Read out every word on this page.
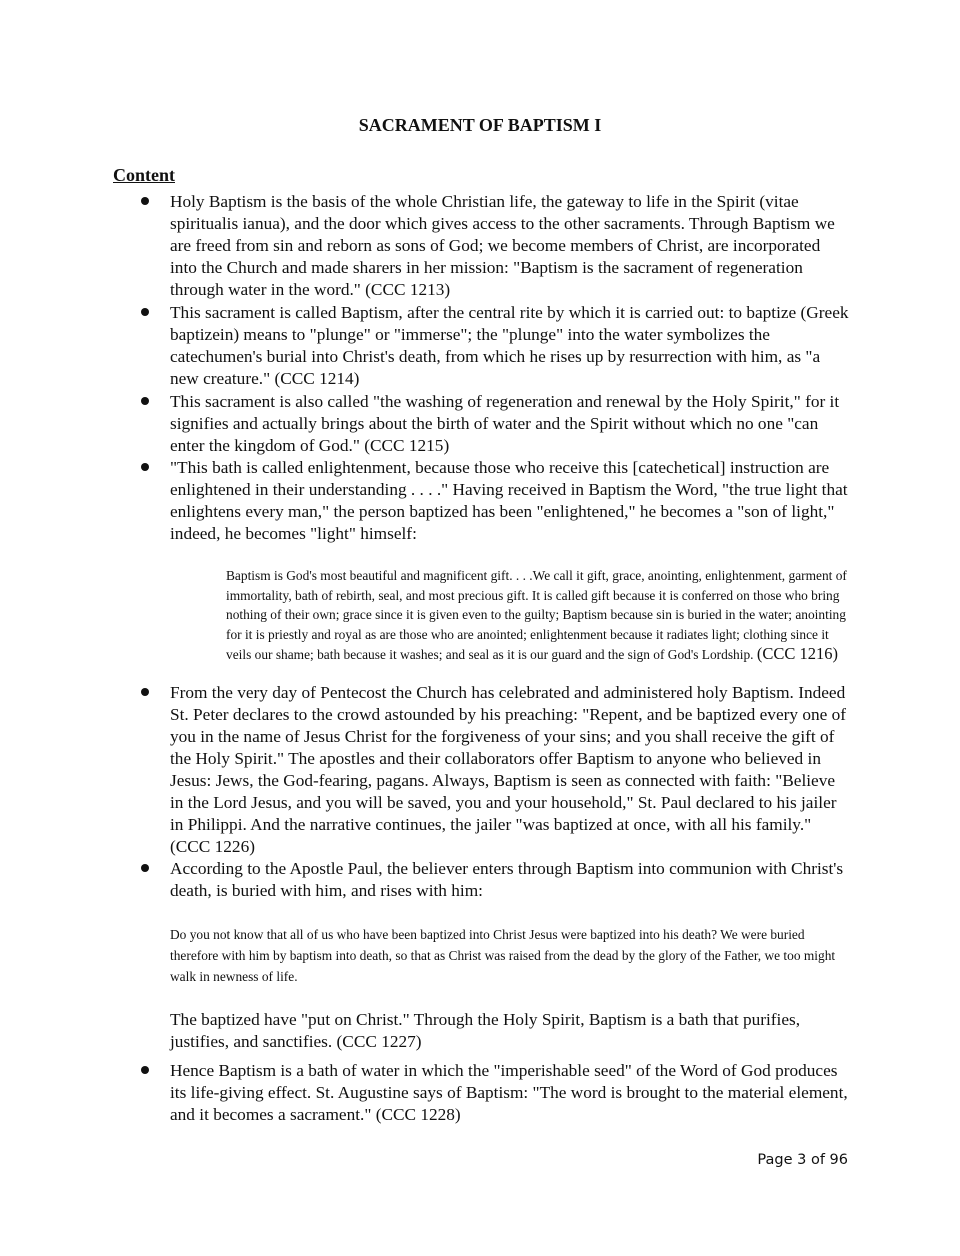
SACRAMENT OF BAPTISM I
Content

Holy Baptism is the basis of the whole Christian life, the gateway to life in the Spirit (vitae spiritualis ianua), and the door which gives access to the other sacraments. Through Baptism we are freed from sin and reborn as sons of God; we become members of Christ, are incorporated into the Church and made sharers in her mission: "Baptism is the sacrament of regeneration through water in the word." (CCC 1213)

This sacrament is called Baptism, after the central rite by which it is carried out: to baptize (Greek baptizein) means to "plunge" or "immerse"; the "plunge" into the water symbolizes the catechumen's burial into Christ's death, from which he rises up by resurrection with him, as "a new creature." (CCC 1214)

This sacrament is also called "the washing of regeneration and renewal by the Holy Spirit," for it signifies and actually brings about the birth of water and the Spirit without which no one "can enter the kingdom of God." (CCC 1215)

"This bath is called enlightenment, because those who receive this [catechetical] instruction are enlightened in their understanding . . . ." Having received in Baptism the Word, "the true light that enlightens every man," the person baptized has been "enlightened," he becomes a "son of light," indeed, he becomes "light" himself:

Baptism is God's most beautiful and magnificent gift. . . .We call it gift, grace, anointing, enlightenment, garment of immortality, bath of rebirth, seal, and most precious gift. It is called gift because it is conferred on those who bring nothing of their own; grace since it is given even to the guilty; Baptism because sin is buried in the water; anointing for it is priestly and royal as are those who are anointed; enlightenment because it radiates light; clothing since it veils our shame; bath because it washes; and seal as it is our guard and the sign of God's Lordship. (CCC 1216)

From the very day of Pentecost the Church has celebrated and administered holy Baptism. Indeed St. Peter declares to the crowd astounded by his preaching: "Repent, and be baptized every one of you in the name of Jesus Christ for the forgiveness of your sins; and you shall receive the gift of the Holy Spirit." The apostles and their collaborators offer Baptism to anyone who believed in Jesus: Jews, the God-fearing, pagans. Always, Baptism is seen as connected with faith: "Believe in the Lord Jesus, and you will be saved, you and your household," St. Paul declared to his jailer in Philippi. And the narrative continues, the jailer "was baptized at once, with all his family." (CCC 1226)

According to the Apostle Paul, the believer enters through Baptism into communion with Christ's death, is buried with him, and rises with him:

Do you not know that all of us who have been baptized into Christ Jesus were baptized into his death? We were buried therefore with him by baptism into death, so that as Christ was raised from the dead by the glory of the Father, we too might walk in newness of life.

The baptized have "put on Christ." Through the Holy Spirit, Baptism is a bath that purifies, justifies, and sanctifies. (CCC 1227)

Hence Baptism is a bath of water in which the "imperishable seed" of the Word of God produces its life-giving effect. St. Augustine says of Baptism: "The word is brought to the material element, and it becomes a sacrament." (CCC 1228)

Page 3 of 96
